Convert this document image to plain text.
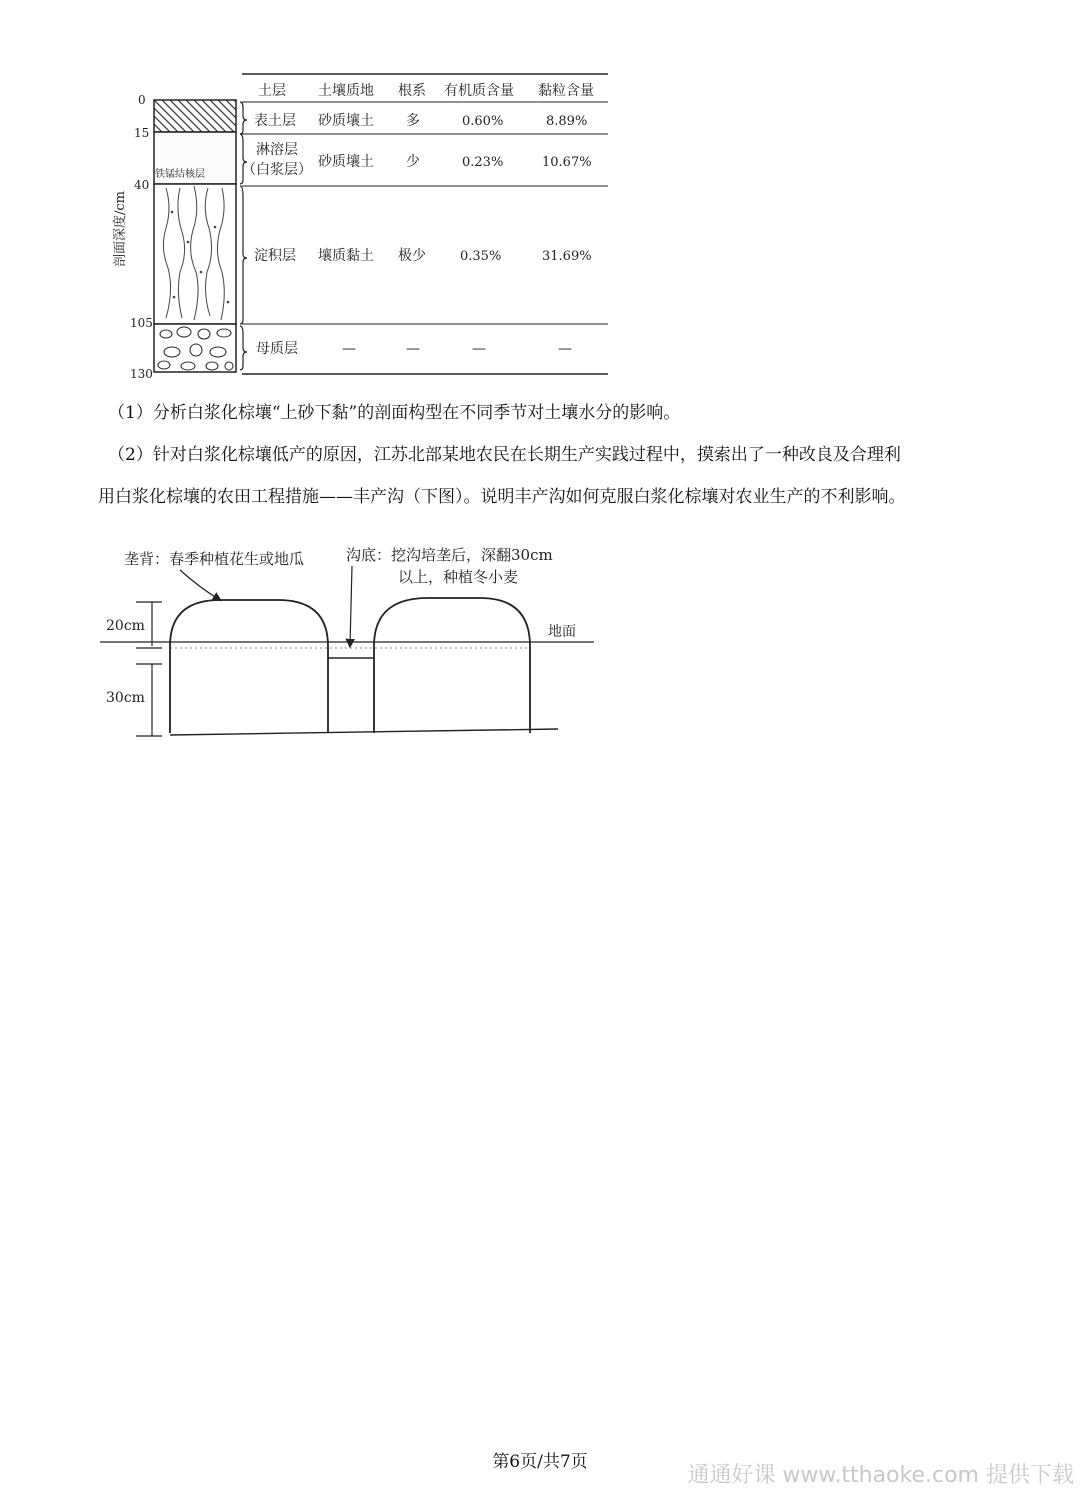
剖面深度/cm
0
15
40
105
130
铁锰结核层
土层 土壤质地 根系 有机质含量 黏粒含量
表土层 砂质壤土 多	0.60%	8.89%
淋溶层
（白浆层） 砂质壤土 少	0.23%	10.67%
淀积层 壤质黏土 极少	0.35%	31.69%
母质层	—	—	—	—

（1）分析白浆化棕壤“上砂下黏”的剖面构型在不同季节对土壤水分的影响。

（2）针对白浆化棕壤低产的原因，江苏北部某地农民在长期生产实践过程中，摸索出了一种改良及合理利

用白浆化棕壤的农田工程措施——丰产沟（下图）。说明丰产沟如何克服白浆化棕壤对农业生产的不利影响。

垄背：春季种植花生或地瓜	沟底：挖沟培垄后，深翻30cm
以上，种植冬小麦
地面
20cm
30cm
第6页/共7页
通通好课 www.tthaoke.com 提供下载
